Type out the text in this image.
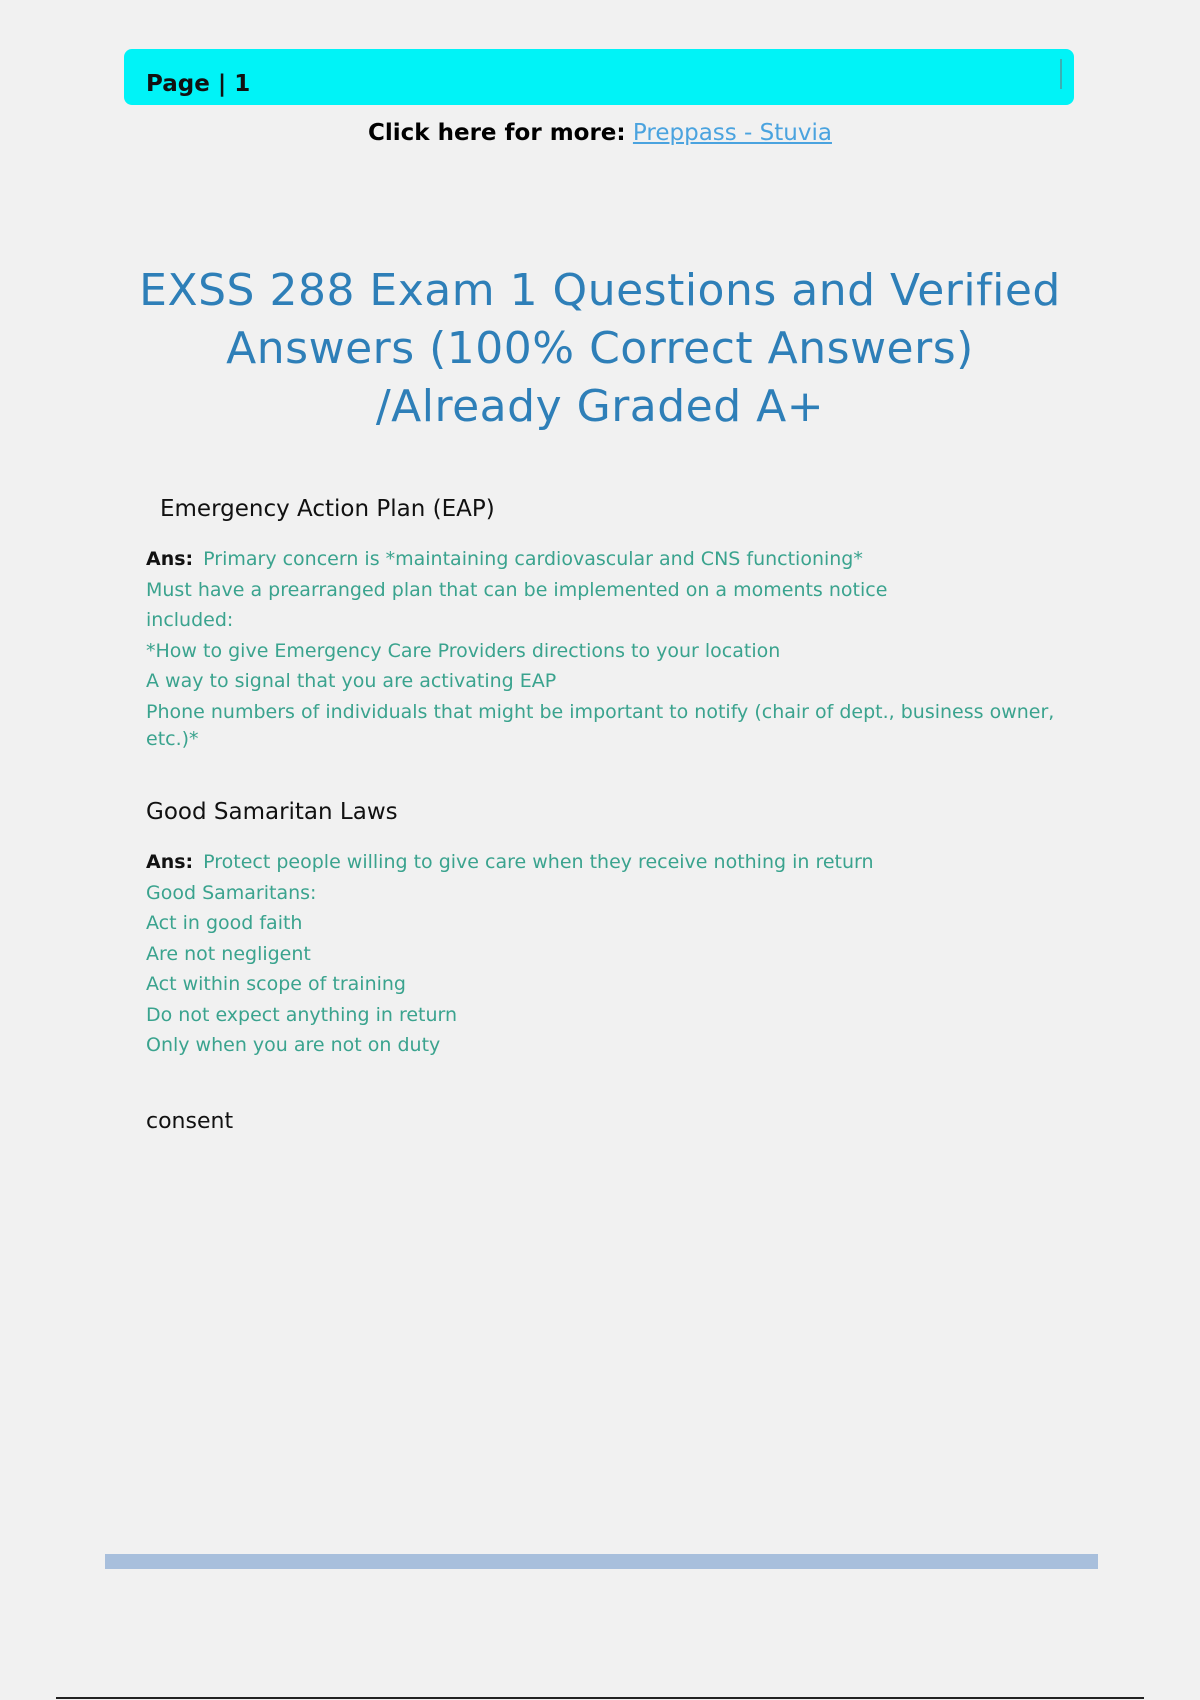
Page | 1
Click here for more: Preppass - Stuvia
EXSS 288 Exam 1 Questions and Verified Answers (100% Correct Answers) /Already Graded A+
Emergency Action Plan (EAP)
Ans: Primary concern is *maintaining cardiovascular and CNS functioning*
Must have a prearranged plan that can be implemented on a moments notice
included:
*How to give Emergency Care Providers directions to your location
A way to signal that you are activating EAP
Phone numbers of individuals that might be important to notify (chair of dept., business owner,
etc.)*
Good Samaritan Laws
Ans: Protect people willing to give care when they receive nothing in return
Good Samaritans:
Act in good faith
Are not negligent
Act within scope of training
Do not expect anything in return
Only when you are not on duty
consent
